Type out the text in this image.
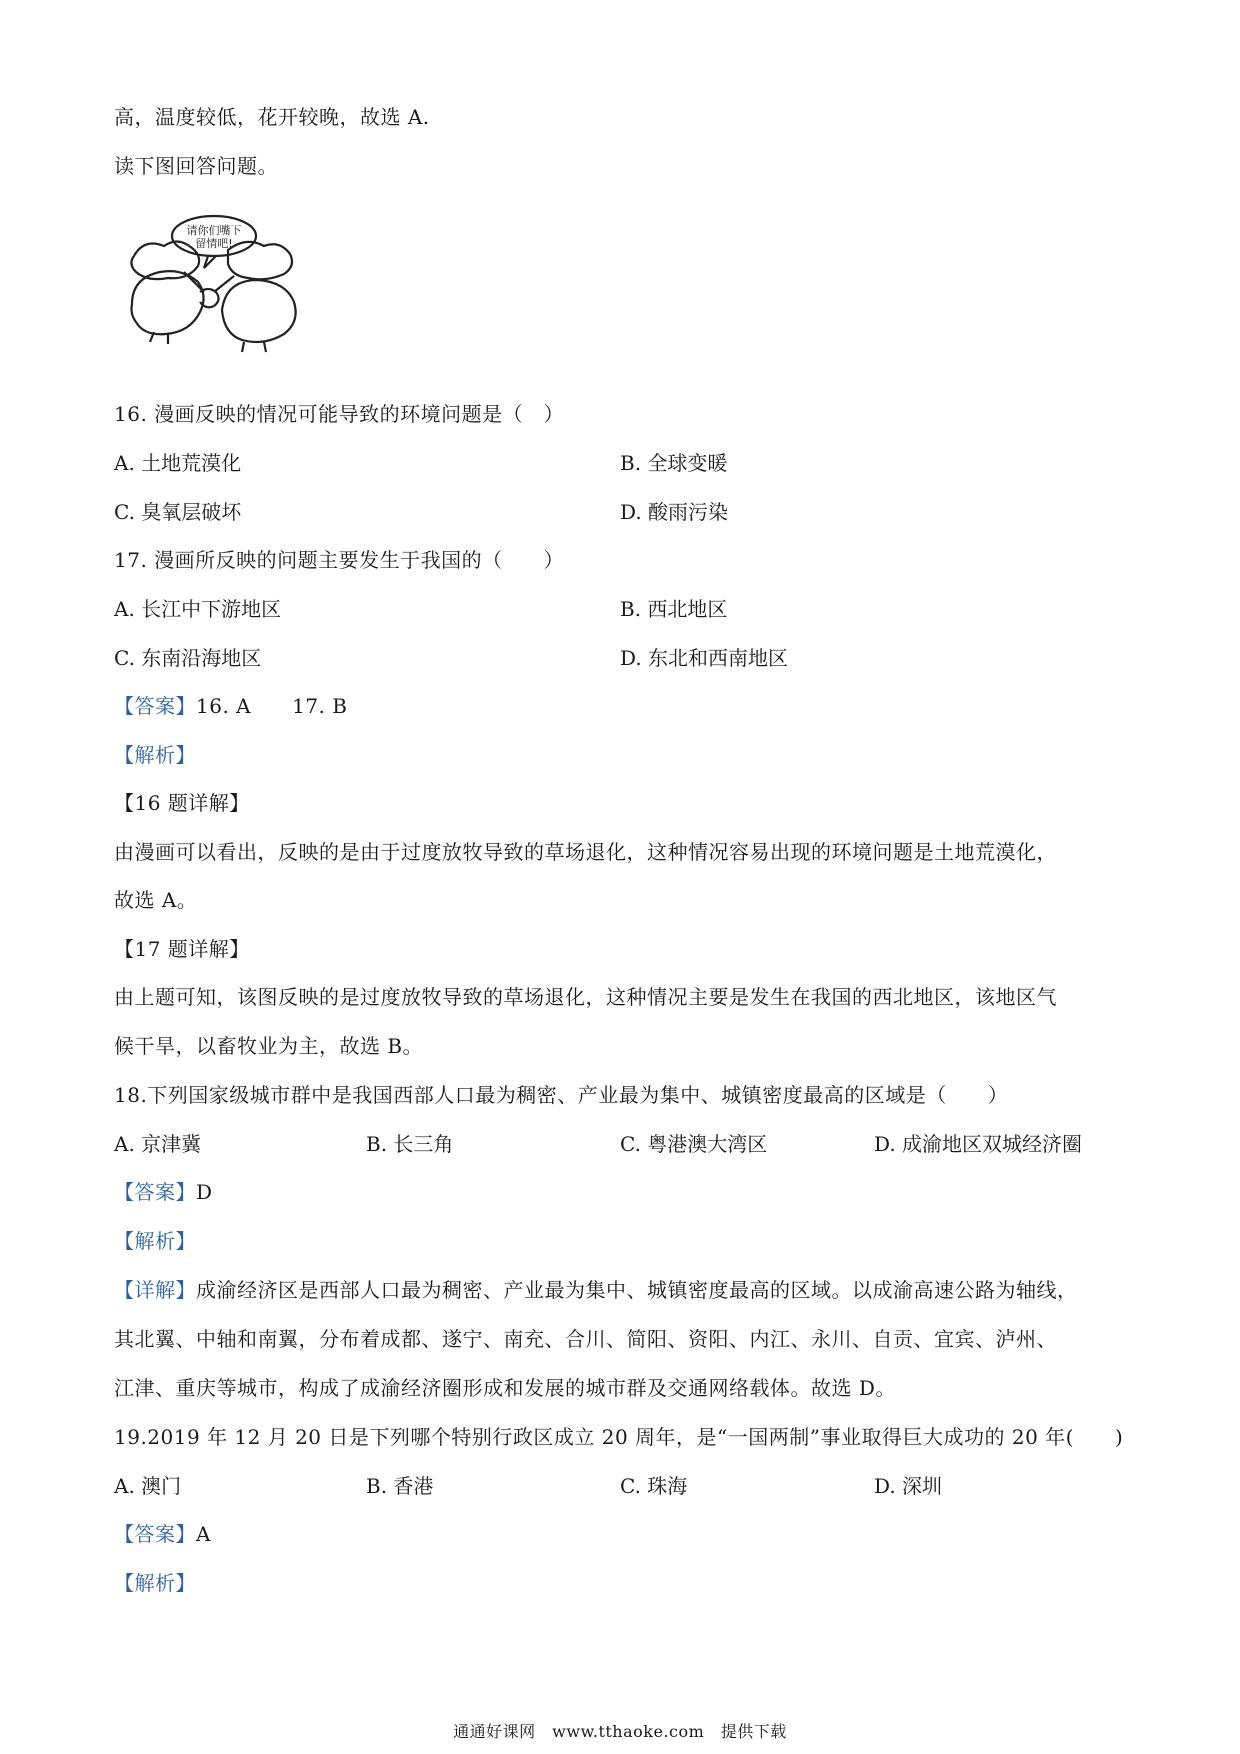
高，温度较低，花开较晚，故选 A.
读下图回答问题。
请你们嘴下
留情吧!
16. 漫画反映的情况可能导致的环境问题是（　）
A. 土地荒漠化	B. 全球变暖
C. 臭氧层破坏	D. 酸雨污染
17. 漫画所反映的问题主要发生于我国的（　　）
A. 长江中下游地区	B. 西北地区
C. 东南沿海地区	D. 东北和西南地区
【答案】16. A　　17. B
【解析】
【16 题详解】
由漫画可以看出，反映的是由于过度放牧导致的草场退化，这种情况容易出现的环境问题是土地荒漠化，
故选 A。
【17 题详解】
由上题可知，该图反映的是过度放牧导致的草场退化，这种情况主要是发生在我国的西北地区，该地区气
候干旱，以畜牧业为主，故选 B。
18.下列国家级城市群中是我国西部人口最为稠密、产业最为集中、城镇密度最高的区域是（　　）
A. 京津冀	B. 长三角	C. 粤港澳大湾区	D. 成渝地区双城经济圈
【答案】D
【解析】
【详解】成渝经济区是西部人口最为稠密、产业最为集中、城镇密度最高的区域。以成渝高速公路为轴线，
其北翼、中轴和南翼，分布着成都、遂宁、南充、合川、简阳、资阳、内江、永川、自贡、宜宾、泸州、
江津、重庆等城市，构成了成渝经济圈形成和发展的城市群及交通网络载体。故选 D。
19.2019 年 12 月 20 日是下列哪个特别行政区成立 20 周年，是“一国两制”事业取得巨大成功的 20 年(　　)
A. 澳门	B. 香港	C. 珠海	D. 深圳
【答案】A
【解析】
通通好课网　www.tthaoke.com　提供下载
